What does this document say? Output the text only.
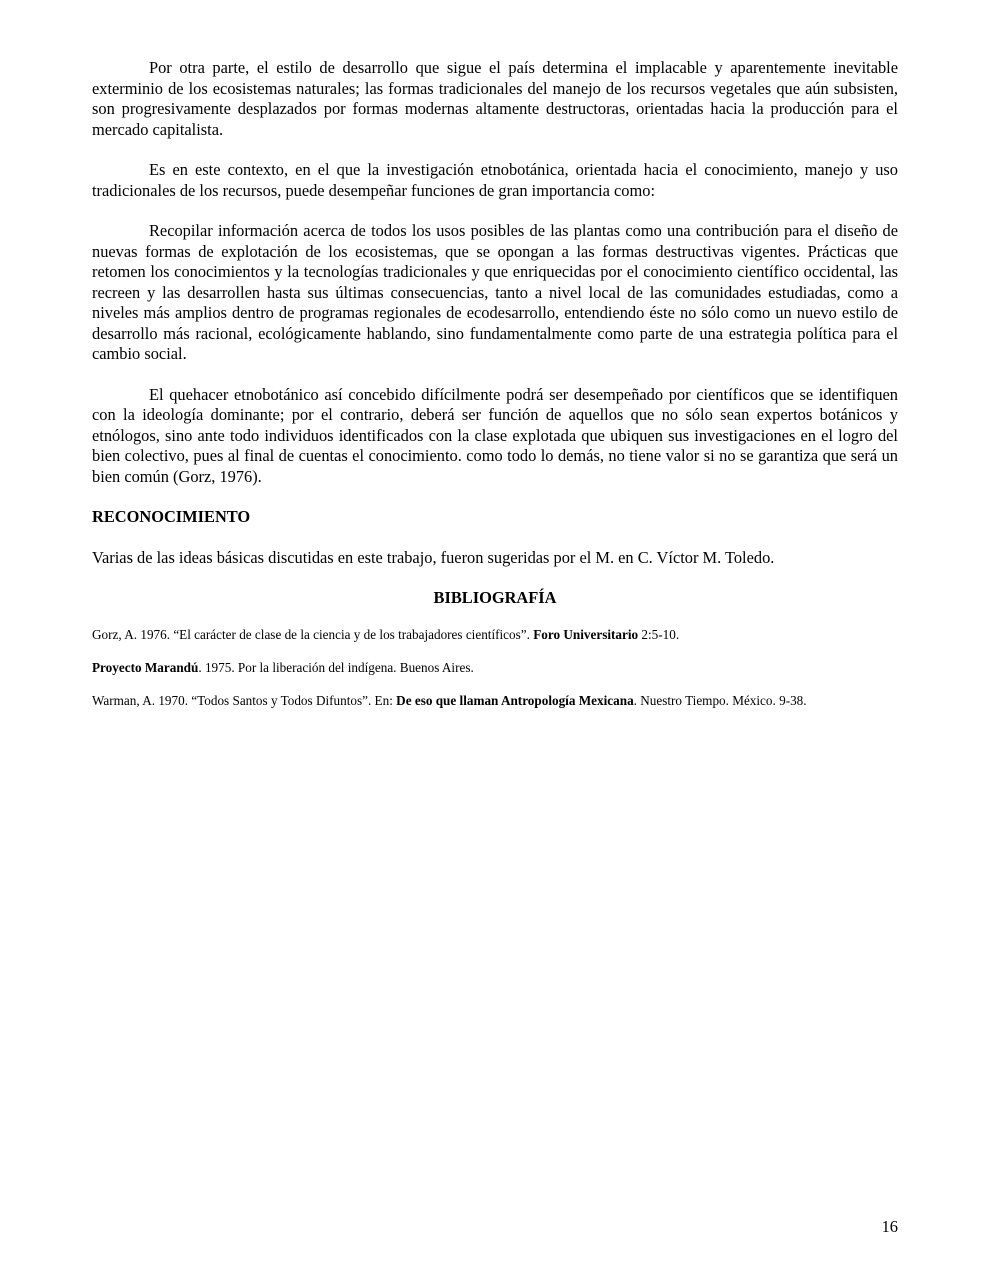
Por otra parte, el estilo de desarrollo que sigue el país determina el implacable y aparentemente inevitable exterminio de los ecosistemas naturales; las formas tradicionales del manejo de los recursos vegetales que aún subsisten, son progresivamente desplazados por formas modernas altamente destructoras, orientadas hacia la producción para el mercado capitalista.

Es en este contexto, en el que la investigación etnobotánica, orientada hacia el conocimiento, manejo y uso tradicionales de los recursos, puede desempeñar funciones de gran importancia como:

Recopilar información acerca de todos los usos posibles de las plantas como una contribución para el diseño de nuevas formas de explotación de los ecosistemas, que se opongan a las formas destructivas vigentes. Prácticas que retomen los conocimientos y la tecnologías tradicionales y que enriquecidas por el conocimiento científico occidental, las recreen y las desarrollen hasta sus últimas consecuencias, tanto a nivel local de las comunidades estudiadas, como a niveles más amplios dentro de programas regionales de ecodesarrollo, entendiendo éste no sólo como un nuevo estilo de desarrollo más racional, ecológicamente hablando, sino fundamentalmente como parte de una estrategia política para el cambio social.

El quehacer etnobotánico así concebido difícilmente podrá ser desempeñado por científicos que se identifiquen con la ideología dominante; por el contrario, deberá ser función de aquellos que no sólo sean expertos botánicos y etnólogos, sino ante todo individuos identificados con la clase explotada que ubiquen sus investigaciones en el logro del bien colectivo, pues al final de cuentas el conocimiento. como todo lo demás, no tiene valor si no se garantiza que será un bien común (Gorz, 1976).

RECONOCIMIENTO

Varias de las ideas básicas discutidas en este trabajo, fueron sugeridas por el M. en C. Víctor M. Toledo.

BIBLIOGRAFÍA

Gorz, A. 1976. “El carácter de clase de la ciencia y de los trabajadores científicos”. Foro Universitario 2:5-10.

Proyecto Marandú. 1975. Por la liberación del indígena. Buenos Aires.

Warman, A. 1970. “Todos Santos y Todos Difuntos”. En: De eso que llaman Antropología Mexicana. Nuestro Tiempo. México. 9-38.

16
